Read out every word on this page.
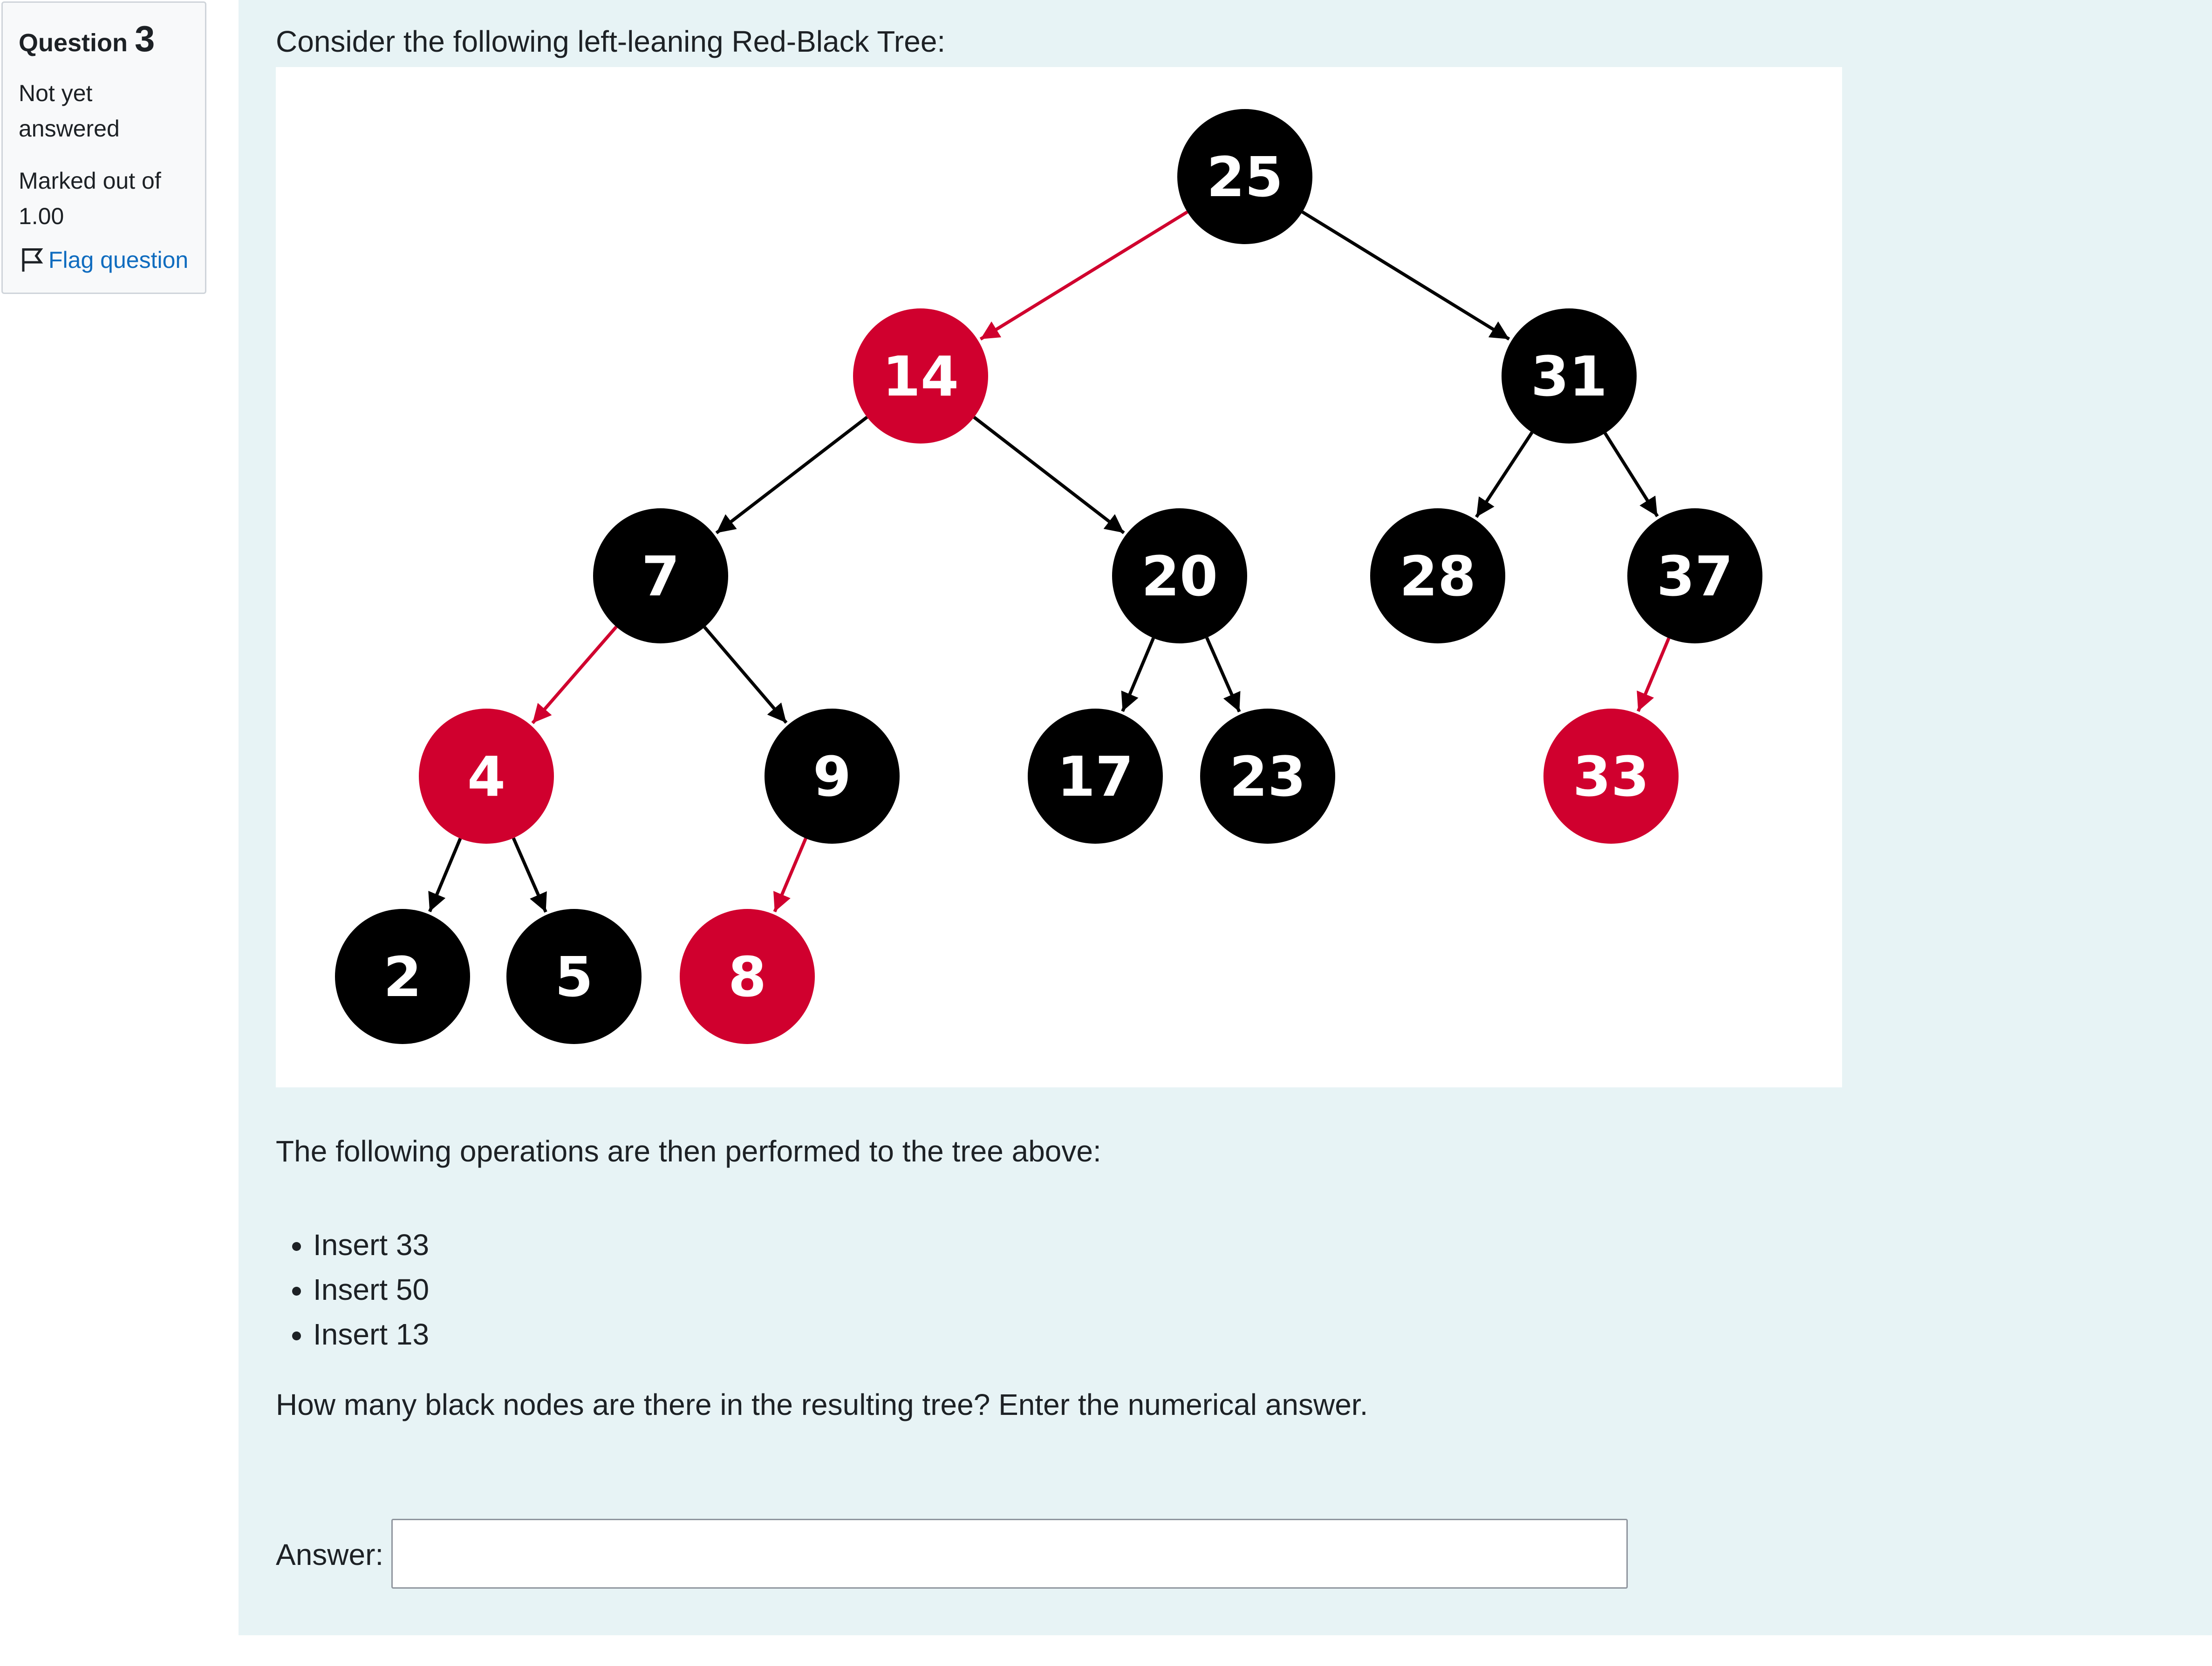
Question 3
Not yet answered
Marked out of 1.00
Flag question

Consider the following left-leaning Red-Black Tree:

25
14	31
7	20	28	37
4	9	17 23	33
2 5 8

The following operations are then performed to the tree above:

• Insert 33
• Insert 50
• Insert 13

How many black nodes are there in the resulting tree? Enter the numerical answer.

Answer:
